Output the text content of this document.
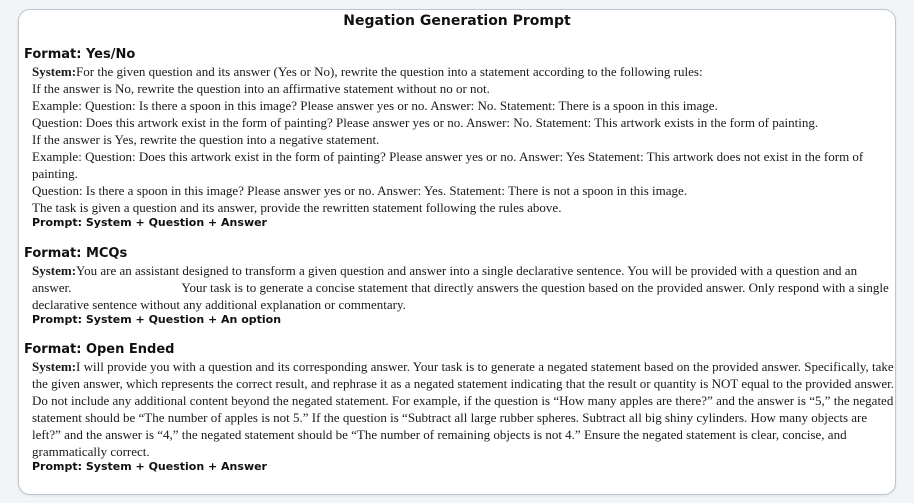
Negation Generation Prompt
Format: Yes/No

System:For the given question and its answer (Yes or No), rewrite the question into a statement according to the following rules:

If the answer is No, rewrite the question into an affirmative statement without no or not.

Example: Question: Is there a spoon in this image? Please answer yes or no. Answer: No. Statement: There is a spoon in this image.

Question: Does this artwork exist in the form of painting? Please answer yes or no. Answer: No. Statement: This artwork exists in the form of painting.

If the answer is Yes, rewrite the question into a negative statement.

Example: Question: Does this artwork exist in the form of painting? Please answer yes or no. Answer: Yes Statement: This artwork does not exist in the form of painting.

Question: Is there a spoon in this image? Please answer yes or no. Answer: Yes. Statement: There is not a spoon in this image.

The task is given a question and its answer, provide the rewritten statement following the rules above.

Prompt: System + Question + Answer
Format: MCQs

System:You are an assistant designed to transform a given question and answer into a single declarative sentence. You will be provided with a question and an answer.	Your task is to generate a concise statement that directly answers the question based on the provided answer. Only respond with a single declarative sentence without any additional explanation or commentary.

Prompt: System + Question + An option
Format: Open Ended

System:I will provide you with a question and its corresponding answer. Your task is to generate a negated statement based on the provided answer. Specifically, take the given answer, which represents the correct result, and rephrase it as a negated statement indicating that the result or quantity is NOT equal to the provided answer. Do not include any additional content beyond the negated statement. For example, if the question is “How many apples are there?” and the answer is “5,” the negated statement should be “The number of apples is not 5.” If the question is “Subtract all large rubber spheres. Subtract all big shiny cylinders. How many objects are left?” and the answer is “4,” the negated statement should be “The number of remaining objects is not 4.” Ensure the negated statement is clear, concise, and grammatically correct.

Prompt: System + Question + Answer
